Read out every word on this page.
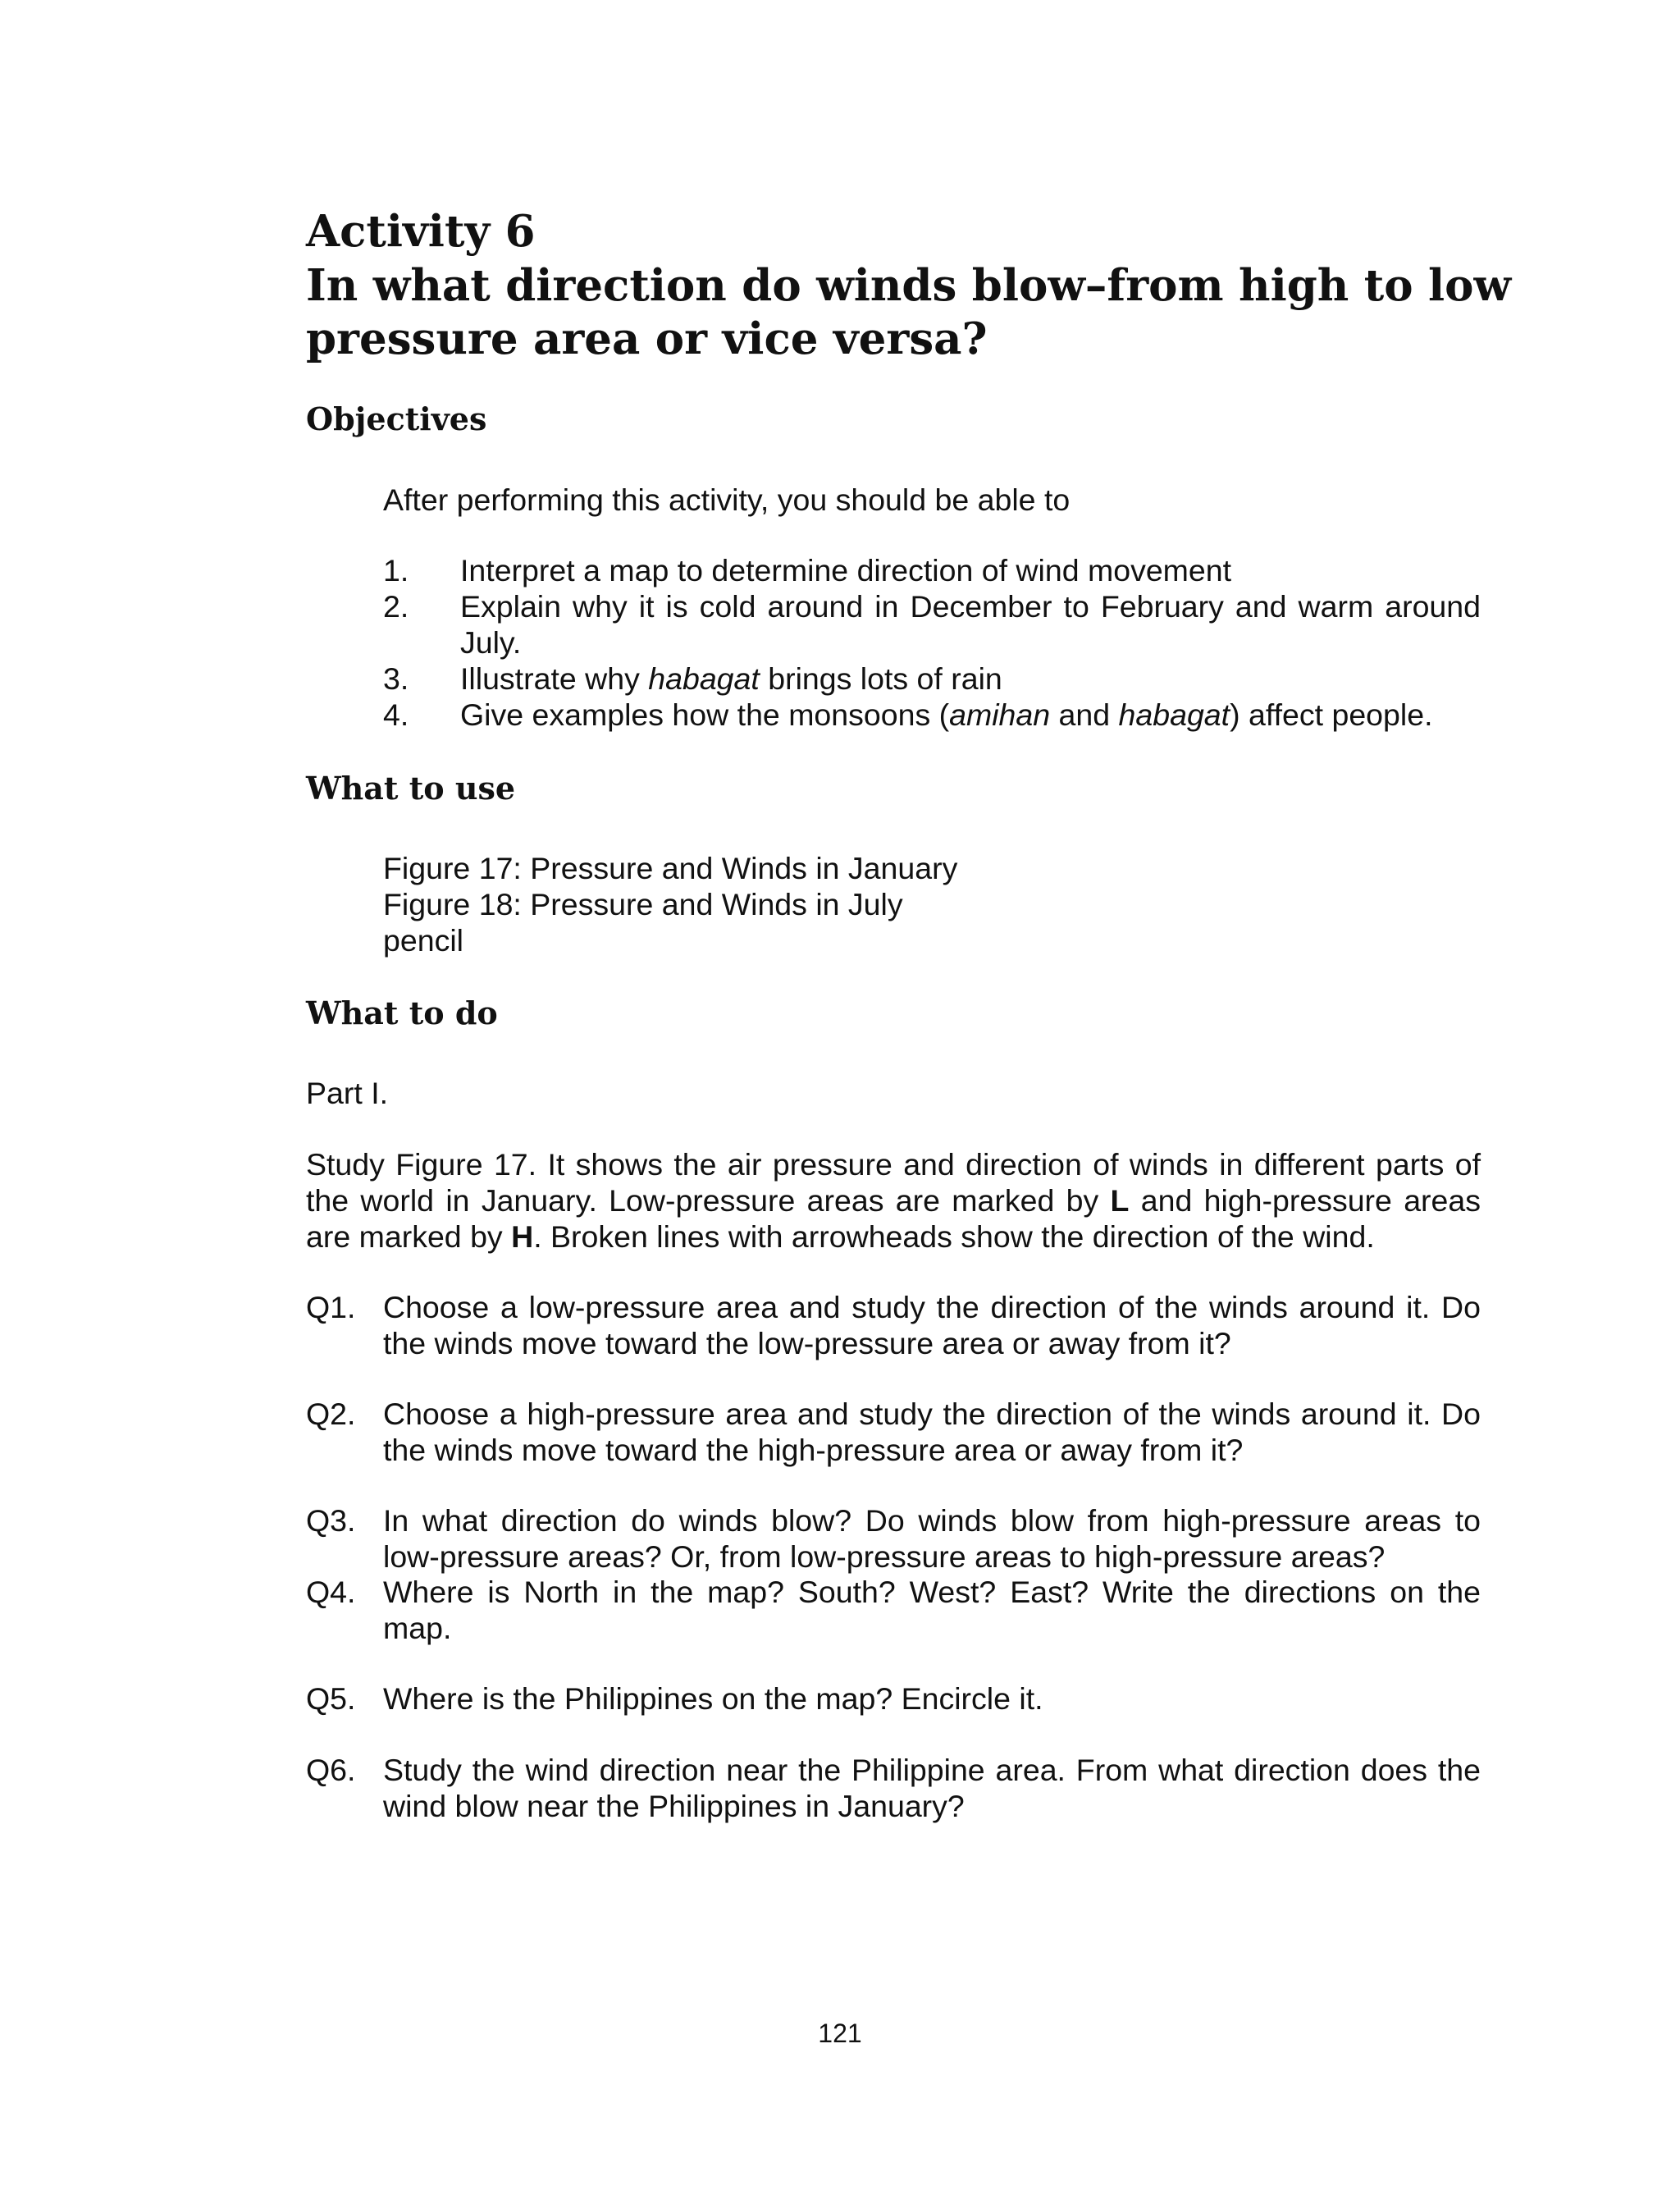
Activity 6
In what direction do winds blow–from high to low
pressure area or vice versa?
Objectives
After performing this activity, you should be able to
1.	Interpret a map to determine direction of wind movement
2.	Explain why it is cold around in December to February and warm around July.
3.	Illustrate why habagat brings lots of rain
4.	Give examples how the monsoons (amihan and habagat) affect people.
What to use
Figure 17: Pressure and Winds in January
Figure 18: Pressure and Winds in July
pencil
What to do
Part I.
Study Figure 17. It shows the air pressure and direction of winds in different parts of the world in January. Low-pressure areas are marked by L and high-pressure areas are marked by H. Broken lines with arrowheads show the direction of the wind.
Q1. Choose a low-pressure area and study the direction of the winds around it. Do the winds move toward the low-pressure area or away from it?
Q2. Choose a high-pressure area and study the direction of the winds around it. Do the winds move toward the high-pressure area or away from it?
Q3. In what direction do winds blow? Do winds blow from high-pressure areas to low-pressure areas? Or, from low-pressure areas to high-pressure areas?
Q4. Where is North in the map? South? West? East? Write the directions on the map.
Q5. Where is the Philippines on the map? Encircle it.
Q6. Study the wind direction near the Philippine area. From what direction does the wind blow near the Philippines in January?
121
